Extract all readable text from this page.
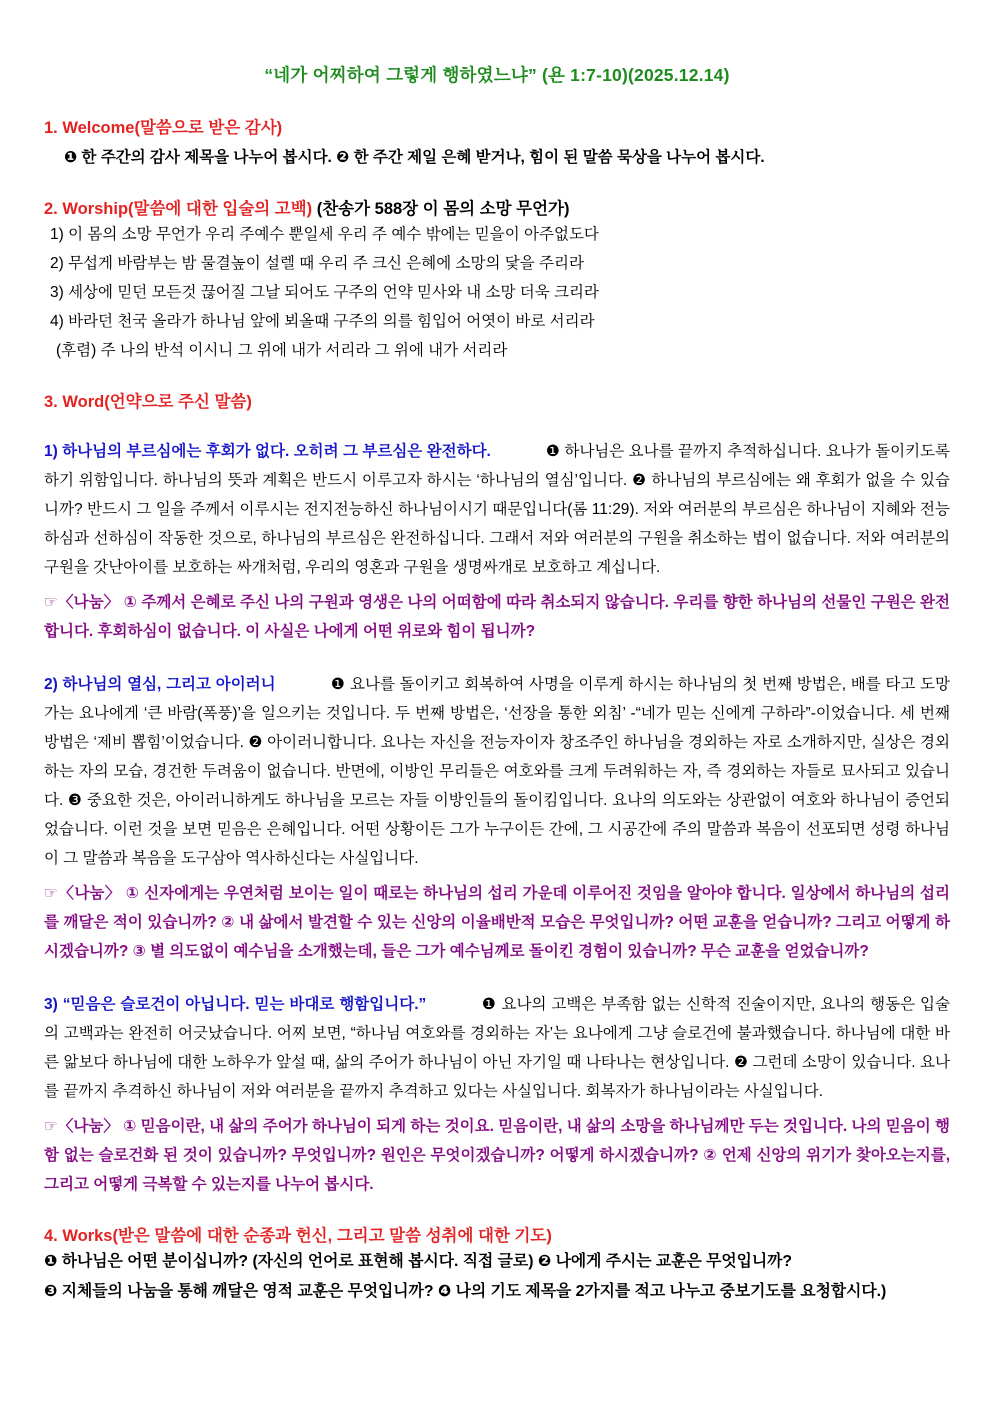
“네가 어찌하여 그렇게 행하였느냐” (욘 1:7-10)(2025.12.14)
1. Welcome(말씀으로 받은 감사)
❶ 한 주간의 감사 제목을 나누어 봅시다. ❷ 한 주간 제일 은혜 받거나, 힘이 된 말씀 묵상을 나누어 봅시다.
2. Worship(말씀에 대한 입술의 고백) (찬송가 588장 이 몸의 소망 무언가)
1) 이 몸의 소망 무언가 우리 주예수 뿐일세 우리 주 예수 밖에는 믿을이 아주없도다
2) 무섭게 바람부는 밤 물결높이 설렐 때 우리 주 크신 은혜에 소망의 닻을 주리라
3) 세상에 믿던 모든것 끊어질 그날 되어도 구주의 언약 믿사와 내 소망 더욱 크리라
4) 바라던 천국 올라가 하나님 앞에 뵈올때 구주의 의를 힘입어 어엿이 바로 서리라
(후렴) 주 나의 반석 이시니 그 위에 내가 서리라 그 위에 내가 서리라
3. Word(언약으로 주신 말씀)

1) 하나님의 부르심에는 후회가 없다. 오히려 그 부르심은 완전하다.	❶ 하나님은 요나를 끝까지 추적하십니다. 요나가 돌이키도록 하기 위함입니다. 하나님의 뜻과 계획은 반드시 이루고자 하시는 ‘하나님의 열심’입니다. ❷ 하나님의 부르심에는 왜 후회가 없을 수 있습니까? 반드시 그 일을 주께서 이루시는 전지전능하신 하나님이시기 때문입니다(롬 11:29). 저와 여러분의 부르심은 하나님이 지혜와 전능하심과 선하심이 작동한 것으로, 하나님의 부르심은 완전하십니다. 그래서 저와 여러분의 구원을 취소하는 법이 없습니다. 저와 여러분의 구원을 갓난아이를 보호하는 싸개처럼, 우리의 영혼과 구원을 생명싸개로 보호하고 계십니다.

☞〈나눔〉 ① 주께서 은혜로 주신 나의 구원과 영생은 나의 어떠함에 따라 취소되지 않습니다. 우리를 향한 하나님의 선물인 구원은 완전합니다. 후회하심이 없습니다. 이 사실은 나에게 어떤 위로와 힘이 됩니까?

2) 하나님의 열심, 그리고 아이러니	❶ 요나를 돌이키고 회복하여 사명을 이루게 하시는 하나님의 첫 번째 방법은, 배를 타고 도망가는 요나에게 ‘큰 바람(폭풍)’을 일으키는 것입니다. 두 번째 방법은, ‘선장을 통한 외침’ -“네가 믿는 신에게 구하라”-이었습니다. 세 번째 방법은 ‘제비 뽑힘’이었습니다. ❷ 아이러니합니다. 요나는 자신을 전능자이자 창조주인 하나님을 경외하는 자로 소개하지만, 실상은 경외하는 자의 모습, 경건한 두려움이 없습니다. 반면에, 이방인 무리들은 여호와를 크게 두려워하는 자, 즉 경외하는 자들로 묘사되고 있습니다. ❸ 중요한 것은, 아이러니하게도 하나님을 모르는 자들 이방인들의 돌이킴입니다. 요나의 의도와는 상관없이 여호와 하나님이 증언되었습니다. 이런 것을 보면 믿음은 은혜입니다. 어떤 상황이든 그가 누구이든 간에, 그 시공간에 주의 말씀과 복음이 선포되면 성령 하나님이 그 말씀과 복음을 도구삼아 역사하신다는 사실입니다.

☞〈나눔〉 ① 신자에게는 우연처럼 보이는 일이 때로는 하나님의 섭리 가운데 이루어진 것임을 알아야 합니다. 일상에서 하나님의 섭리를 깨달은 적이 있습니까? ② 내 삶에서 발견할 수 있는 신앙의 이율배반적 모습은 무엇입니까? 어떤 교훈을 얻습니까? 그리고 어떻게 하시겠습니까? ③ 별 의도없이 예수님을 소개했는데, 들은 그가 예수님께로 돌이킨 경험이 있습니까? 무슨 교훈을 얻었습니까?

3) “믿음은 슬로건이 아닙니다. 믿는 바대로 행함입니다.”	❶ 요나의 고백은 부족함 없는 신학적 진술이지만, 요나의 행동은 입술의 고백과는 완전히 어긋났습니다. 어찌 보면, “하나님 여호와를 경외하는 자’는 요나에게 그냥 슬로건에 불과했습니다. 하나님에 대한 바른 앎보다 하나님에 대한 노하우가 앞설 때, 삶의 주어가 하나님이 아닌 자기일 때 나타나는 현상입니다. ❷ 그런데 소망이 있습니다. 요나를 끝까지 추격하신 하나님이 저와 여러분을 끝까지 추격하고 있다는 사실입니다. 회복자가 하나님이라는 사실입니다.

☞〈나눔〉 ① 믿음이란, 내 삶의 주어가 하나님이 되게 하는 것이요. 믿음이란, 내 삶의 소망을 하나님께만 두는 것입니다. 나의 믿음이 행함 없는 슬로건화 된 것이 있습니까? 무엇입니까? 원인은 무엇이겠습니까? 어떻게 하시겠습니까? ② 언제 신앙의 위기가 찾아오는지를, 그리고 어떻게 극복할 수 있는지를 나누어 봅시다.

4. Works(받은 말씀에 대한 순종과 헌신, 그리고 말씀 성취에 대한 기도)
❶ 하나님은 어떤 분이십니까? (자신의 언어로 표현해 봅시다. 직접 글로) ❷ 나에게 주시는 교훈은 무엇입니까?
❸ 지체들의 나눔을 통해 깨달은 영적 교훈은 무엇입니까? ❹ 나의 기도 제목을 2가지를 적고 나누고 중보기도를 요청합시다.)
